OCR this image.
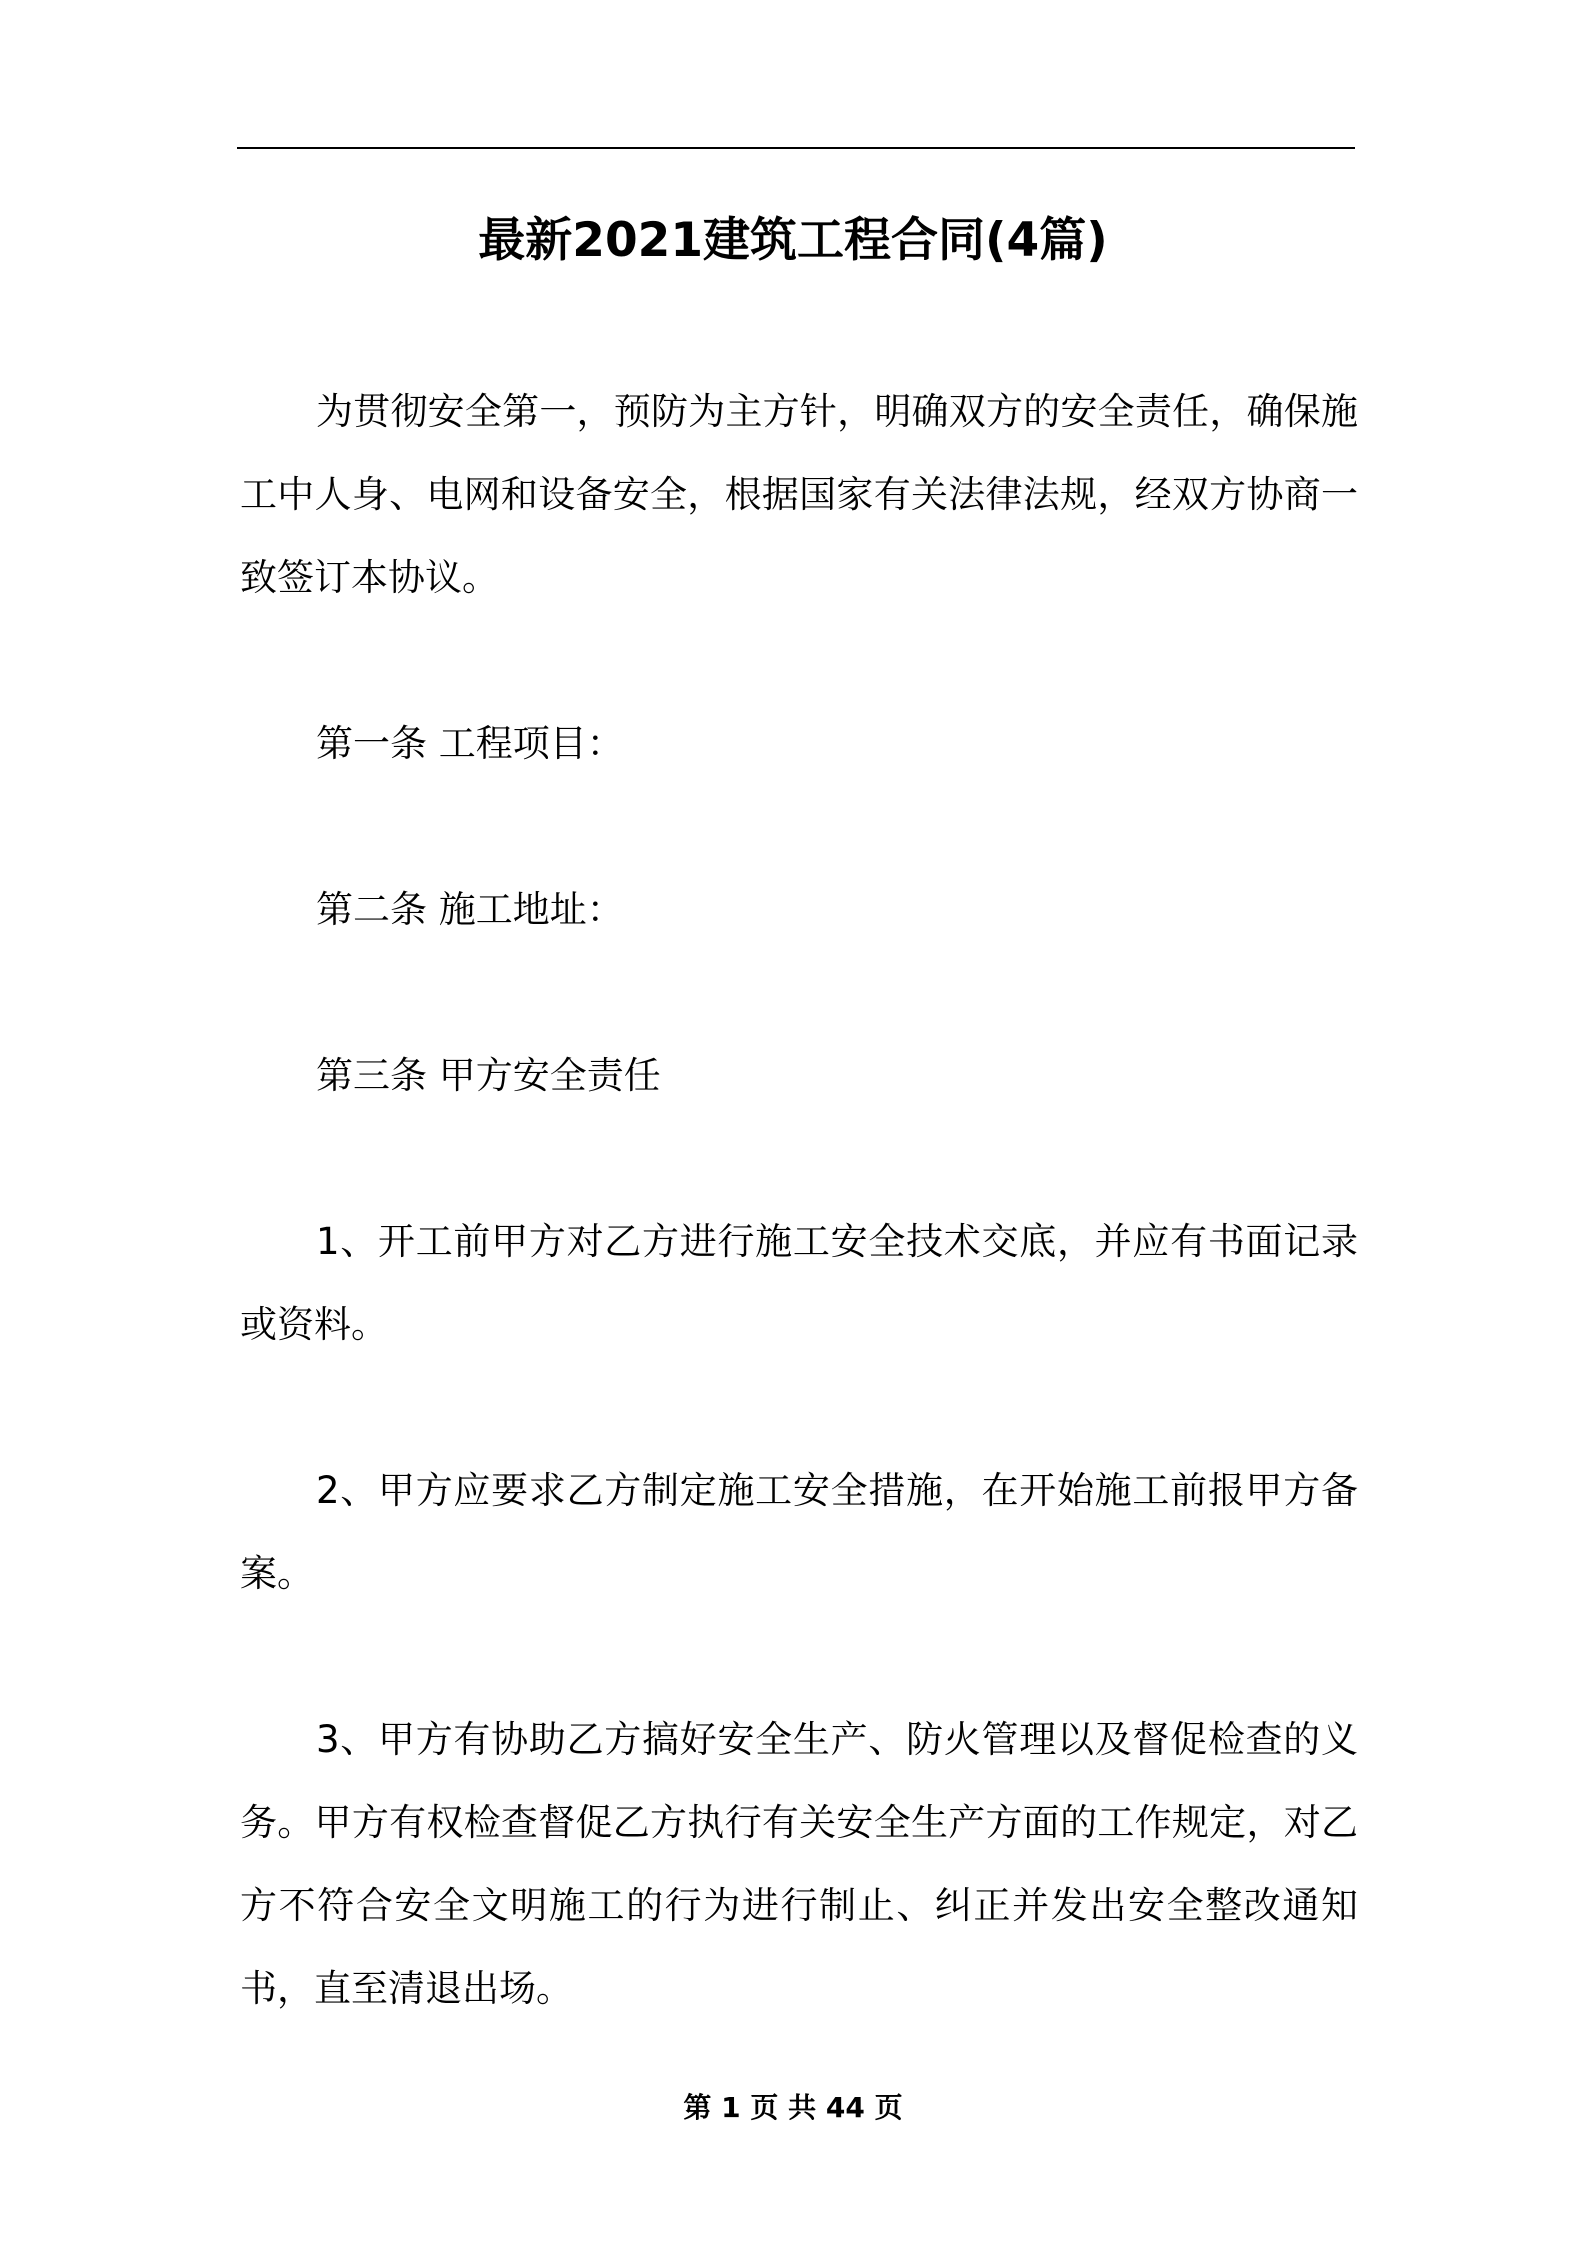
最新2021建筑工程合同(4篇)

为贯彻安全第一，预防为主方针，明确双方的安全责任，确保施工中人身、电网和设备安全，根据国家有关法律法规，经双方协商一致签订本协议。

第一条 工程项目：

第二条 施工地址：

第三条 甲方安全责任

1、开工前甲方对乙方进行施工安全技术交底，并应有书面记录或资料。

2、甲方应要求乙方制定施工安全措施，在开始施工前报甲方备案。

3、甲方有协助乙方搞好安全生产、防火管理以及督促检查的义务。甲方有权检查督促乙方执行有关安全生产方面的工作规定，对乙方不符合安全文明施工的行为进行制止、纠正并发出安全整改通知书，直至清退出场。

第 1 页 共 44 页
